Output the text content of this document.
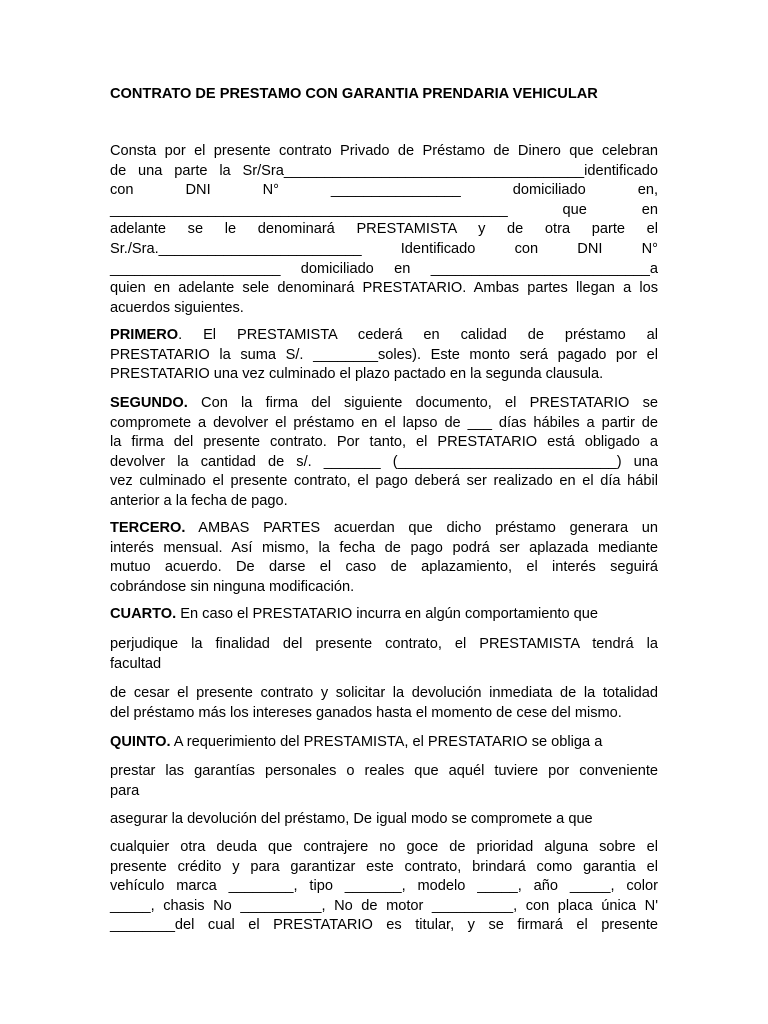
CONTRATO DE PRESTAMO CON GARANTIA PRENDARIA VEHICULAR
Consta por el presente contrato Privado de Préstamo de Dinero que celebran
de una parte la Sr/Sra_____________________________________identificado
con DNI N° ________________ domiciliado en,
_________________________________________________ que en
adelante se le denominará PRESTAMISTA y de otra parte el
Sr./Sra._________________________ Identificado con DNI N°
_____________________ domiciliado en ___________________________a
quien en adelante sele denominará PRESTATARIO. Ambas partes llegan a los
acuerdos siguientes.
PRIMERO. El PRESTAMISTA cederá en calidad de préstamo al
PRESTATARIO la suma S/. ________soles). Este monto será pagado por el
PRESTATARIO una vez culminado el plazo pactado en la segunda clausula.
SEGUNDO. Con la firma del siguiente documento, el PRESTATARIO se
compromete a devolver el préstamo en el lapso de ___ días hábiles a partir de
la firma del presente contrato. Por tanto, el PRESTATARIO está obligado a
devolver la cantidad de s/. _______ (___________________________) una
vez culminado el presente contrato, el pago deberá ser realizado en el día hábil
anterior a la fecha de pago.
TERCERO. AMBAS PARTES acuerdan que dicho préstamo generara un
interés mensual. Así mismo, la fecha de pago podrá ser aplazada mediante
mutuo acuerdo. De darse el caso de aplazamiento, el interés seguirá
cobrándose sin ninguna modificación.
CUARTO. En caso el PRESTATARIO incurra en algún comportamiento que
perjudique la finalidad del presente contrato, el PRESTAMISTA tendrá la
facultad
de cesar el presente contrato y solicitar la devolución inmediata de la totalidad
del préstamo más los intereses ganados hasta el momento de cese del mismo.
QUINTO. A requerimiento del PRESTAMISTA, el PRESTATARIO se obliga a
prestar las garantías personales o reales que aquél tuviere por conveniente
para
asegurar la devolución del préstamo, De igual modo se compromete a que
cualquier otra deuda que contrajere no goce de prioridad alguna sobre el
presente crédito y para garantizar este contrato, brindará como garantia el
vehículo marca ________, tipo _______, modelo _____, año _____, color
_____, chasis No __________, No de motor __________, con placa única N'
________del cual el PRESTATARIO es titular, y se firmará el presente
